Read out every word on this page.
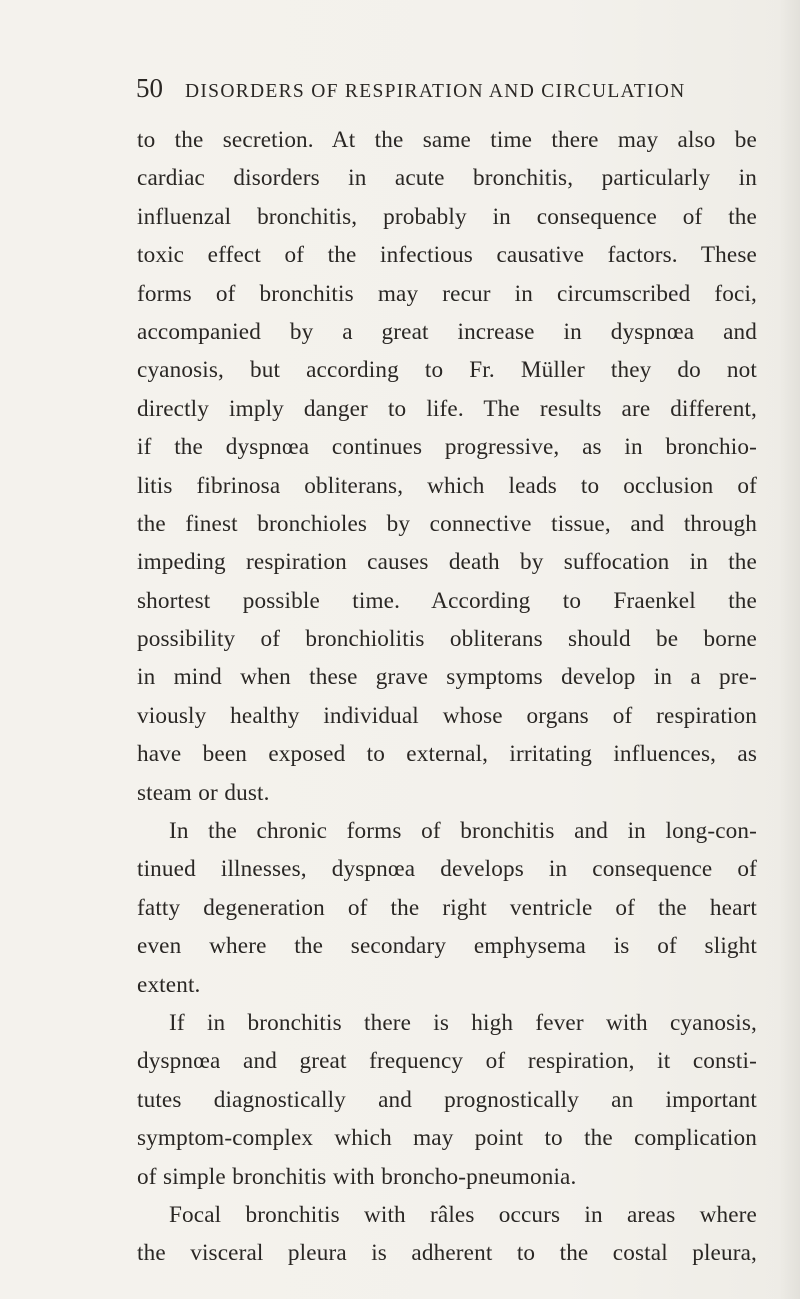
50 DISORDERS OF RESPIRATION AND CIRCULATION
to the secretion. At the same time there may also be
cardiac disorders in acute bronchitis, particularly in
influenzal bronchitis, probably in consequence of the
toxic effect of the infectious causative factors. These
forms of bronchitis may recur in circumscribed foci,
accompanied by a great increase in dyspnœa and
cyanosis, but according to Fr. Müller they do not
directly imply danger to life. The results are different,
if the dyspnœa continues progressive, as in bronchio-
litis fibrinosa obliterans, which leads to occlusion of
the finest bronchioles by connective tissue, and through
impeding respiration causes death by suffocation in the
shortest possible time. According to Fraenkel the
possibility of bronchiolitis obliterans should be borne
in mind when these grave symptoms develop in a pre-
viously healthy individual whose organs of respiration
have been exposed to external, irritating influences, as
steam or dust.
In the chronic forms of bronchitis and in long-con-
tinued illnesses, dyspnœa develops in consequence of
fatty degeneration of the right ventricle of the heart
even where the secondary emphysema is of slight
extent.
If in bronchitis there is high fever with cyanosis,
dyspnœa and great frequency of respiration, it consti-
tutes diagnostically and prognostically an important
symptom-complex which may point to the complication
of simple bronchitis with broncho-pneumonia.
Focal bronchitis with râles occurs in areas where
the visceral pleura is adherent to the costal pleura,
